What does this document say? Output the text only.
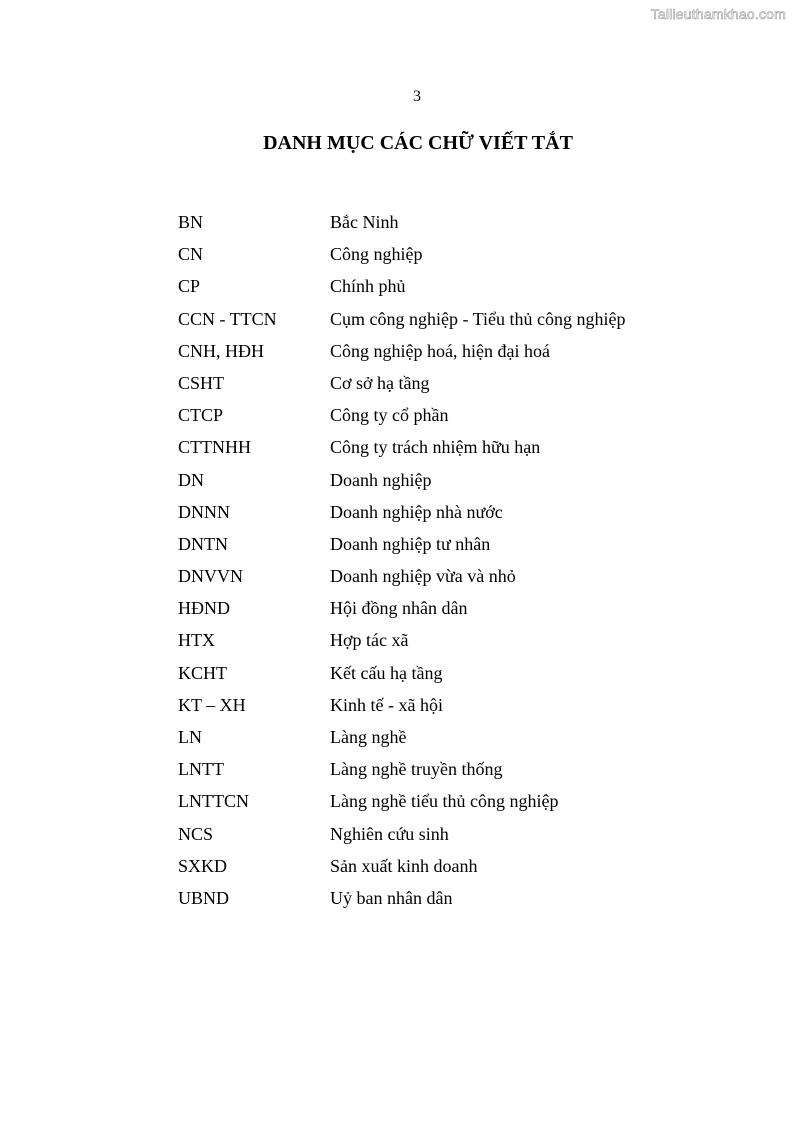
Tailieuthamkhao.com
3
DANH MỤC CÁC CHỮ VIẾT TẮT
BN	Bắc Ninh
CN	Công nghiệp
CP	Chính phủ
CCN - TTCN	Cụm công nghiệp - Tiểu thủ công nghiệp
CNH, HĐH	Công nghiệp hoá, hiện đại hoá
CSHT	Cơ sở hạ tầng
CTCP	Công ty cổ phần
CTTNHH	Công ty trách nhiệm hữu hạn
DN	Doanh nghiệp
DNNN	Doanh nghiệp nhà nước
DNTN	Doanh nghiệp tư nhân
DNVVN	Doanh nghiệp vừa và nhỏ
HĐND	Hội đồng nhân dân
HTX	Hợp tác xã
KCHT	Kết cấu hạ tầng
KT – XH	Kinh tế - xã hội
LN	Làng nghề
LNTT	Làng nghề truyền thống
LNTTCN	Làng nghề tiểu thủ công nghiệp
NCS	Nghiên cứu sinh
SXKD	Sản xuất kinh doanh
UBND	Uỷ ban nhân dân
